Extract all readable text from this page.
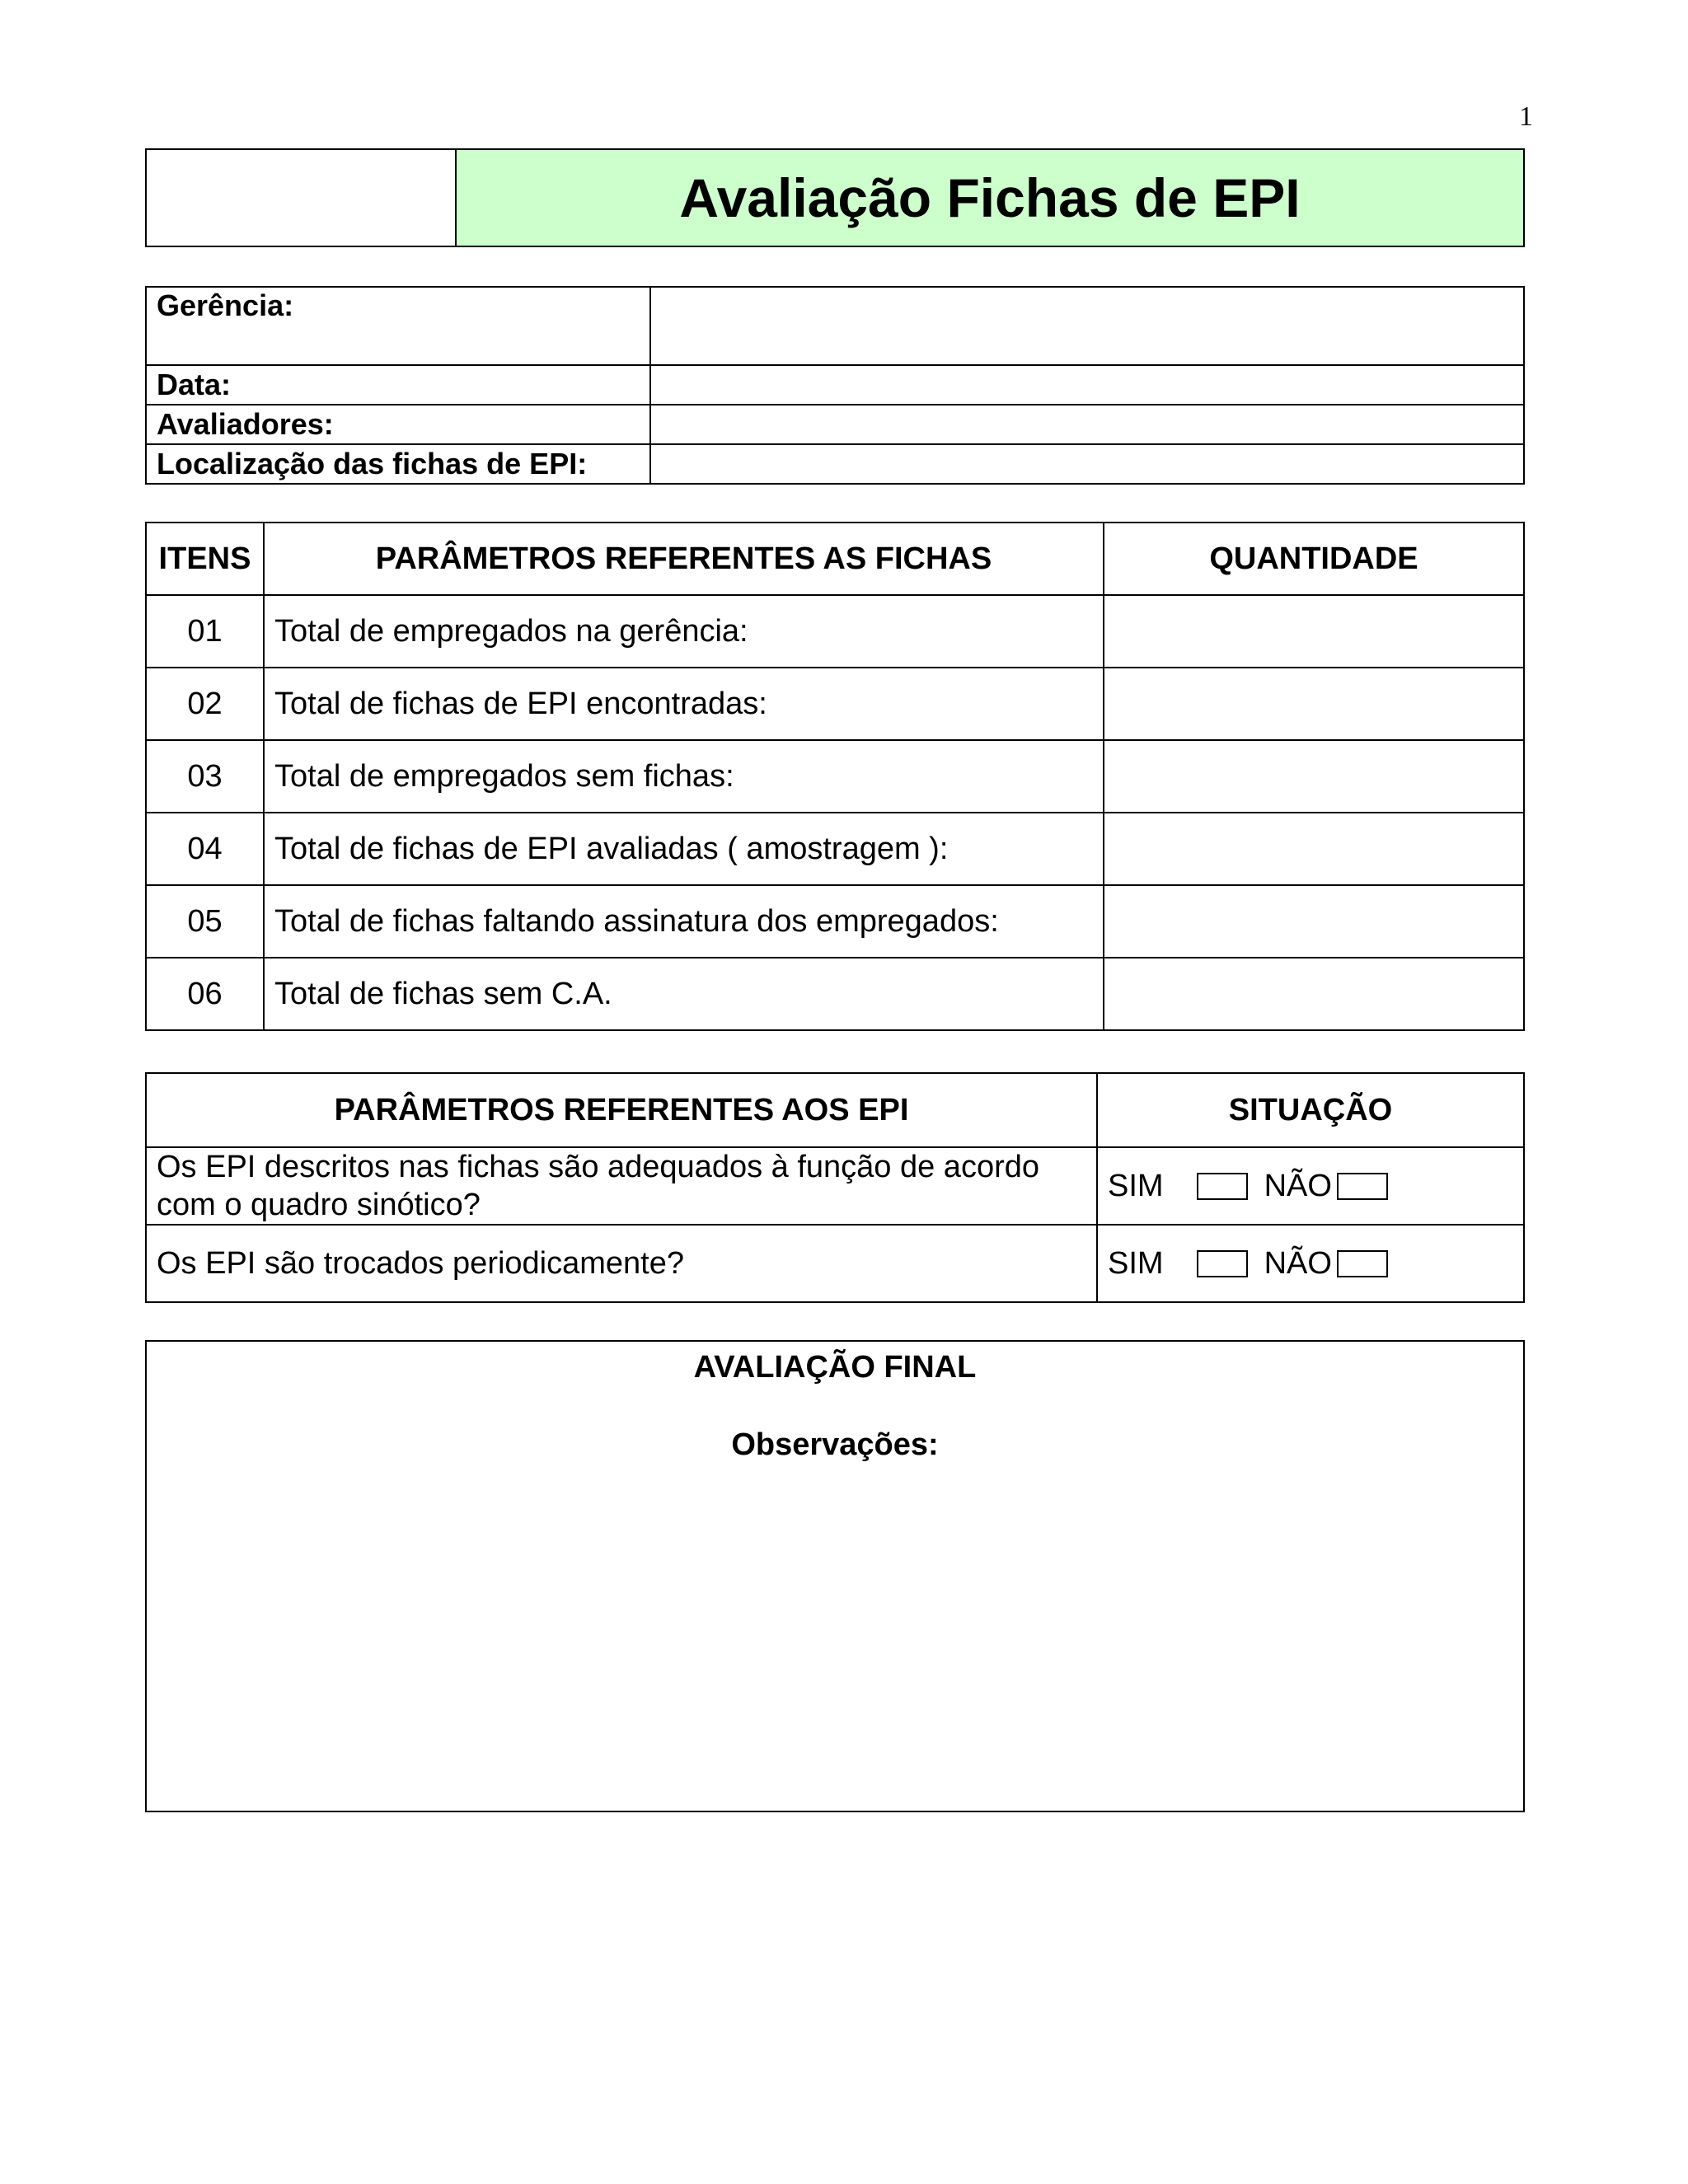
1
	Avaliação Fichas de EPI
Gerência:	
Data:	
Avaliadores:	
Localização das fichas de EPI:	
ITENS	PARÂMETROS REFERENTES AS FICHAS	QUANTIDADE
01	Total de empregados na gerência:	
02	Total de fichas de EPI encontradas:	
03	Total de empregados sem fichas:	
04	Total de fichas de EPI avaliadas ( amostragem ):	
05	Total de fichas faltando assinatura dos empregados:	
06	Total de fichas sem C.A.	
PARÂMETROS REFERENTES AOS EPI	SITUAÇÃO
Os EPI descritos nas fichas são adequados à função de acordo com o quadro sinótico?	SIM NÃO

Os EPI são trocados periodicamente?	SIM NÃO
AVALIAÇÃO FINAL
Observações:
